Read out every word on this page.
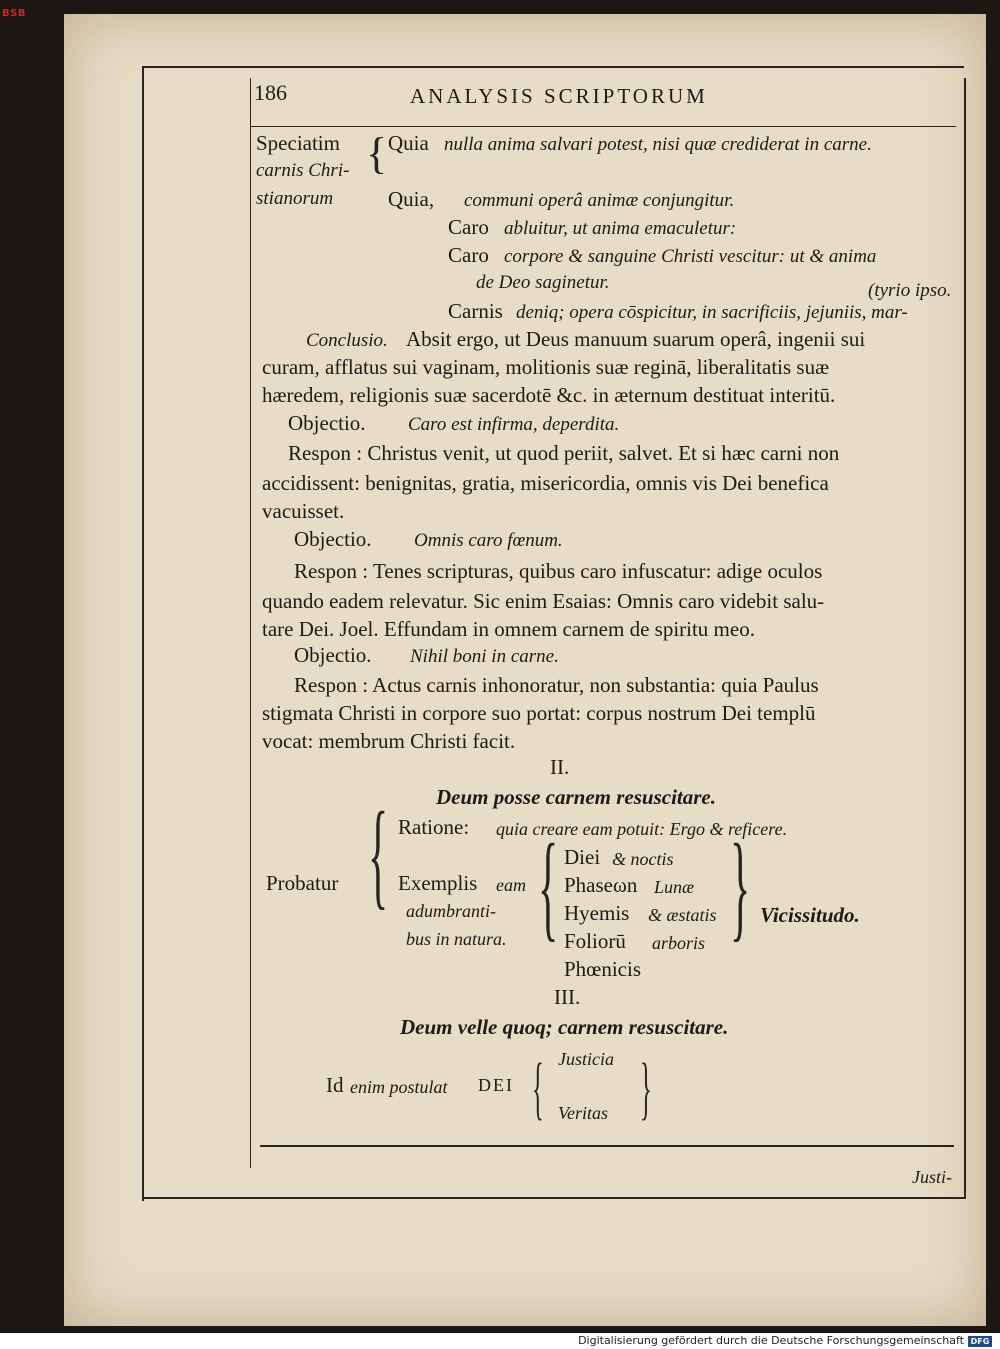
BSB
186	ANALYSIS SCRIPTORUM
Speciatim { Quia nulla anima salvari potest, nisi quæ crediderat in carne.
carnis Chri-
stianorum	Quia, communi operâ animæ conjungitur.
Caro abluitur, ut anima emaculetur:
Caro corpore & sanguine Christi vescitur: ut & anima
de Deo saginetur.	(tyrio ipso.
Carnis deniq; opera cōspicitur, in sacrificiis, jejuniis, mar-
Conclusio. Absit ergo, ut Deus manuum suarum operâ, ingenii sui
curam, afflatus sui vaginam, molitionis suæ reginā, liberalitatis suæ
hæredem, religionis suæ sacerdotē &c. in æternum destituat interitū.
Objectio. Caro est infirma, deperdita.
Respon : Christus venit, ut quod periit, salvet. Et si hæc carni non
accidissent: benignitas, gratia, misericordia, omnis vis Dei benefica
vacuisset.
Objectio. Omnis caro fœnum.
Respon : Tenes scripturas, quibus caro infuscatur: adige oculos
quando eadem relevatur. Sic enim Esaias: Omnis caro videbit salu-
tare Dei. Joel. Effundam in omnem carnem de spiritu meo.
Objectio. Nihil boni in carne.
Respon : Actus carnis inhonoratur, non substantia: quia Paulus
stigmata Christi in corpore suo portat: corpus nostrum Dei templū
vocat: membrum Christi facit.
II.
Deum posse carnem resuscitare.
{
Probatur
Ratione: quia creare eam potuit: Ergo & reficere.
Exemplis eam
adumbranti-
bus in natura. { Diei & noctis
Phaseωn Lunæ
Hyemis & æstatis
Foliorū arboris
Phœnicis
} Vicissitudo.
III.
Deum velle quoq; carnem resuscitare.
Id enim postulat DEI { Justicia
Veritas }
Justi-
Digitalisierung gefördert durch die Deutsche Forschungsgemeinschaft DFG
